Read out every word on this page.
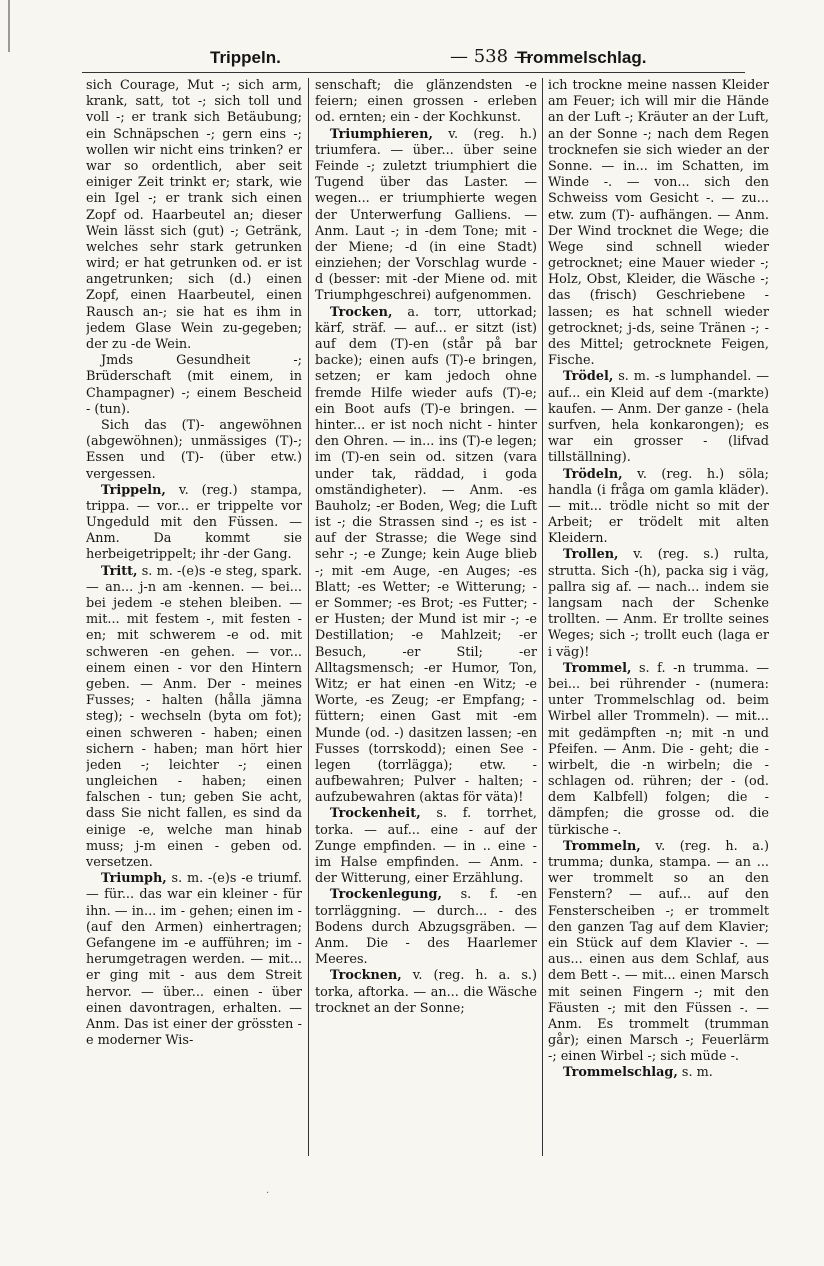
Trippeln.	— 538 —
Trommelschlag.

sich Courage, Mut -; sich arm, krank, satt, tot -; sich toll und voll -; er trank sich Betäubung; ein Schnäpschen -; gern eins -; wollen wir nicht eins trinken? er war so ordentlich, aber seit einiger Zeit trinkt er; stark, wie ein Igel -; er trank sich einen Zopf od. Haarbeutel an; dieser Wein lässt sich (gut) -; Getränk, welches sehr stark getrunken wird; er hat getrunken od. er ist angetrunken; sich (d.) einen Zopf, einen Haarbeutel, einen Rausch an-; sie hat es ihm in jedem Glase Wein zu-gegeben; der zu -de Wein.

Jmds Gesundheit -; Brüderschaft (mit einem, in Champagner) -; einem Bescheid - (tun).

Sich das (T)- angewöhnen (abgewöhnen); unmässiges (T)-; Essen und (T)- (über etw.) vergessen.

Trippeln, v. (reg.) stampa, trippa. — vor... er trippelte vor Ungeduld mit den Füssen. — Anm. Da kommt sie herbeigetrippelt; ihr -der Gang.

Tritt, s. m. -(e)s -e steg, spark. — an... j-n am -kennen. — bei... bei jedem -e stehen bleiben. — mit... mit festem -, mit festen -en; mit schwerem -e od. mit schweren -en gehen. — vor... einem einen - vor den Hintern geben. — Anm. Der - meines Fusses; - halten (hålla jämna steg); - wechseln (byta om fot); einen schweren - haben; einen sichern - haben; man hört hier jeden -; leichter -; einen ungleichen - haben; einen falschen - tun; geben Sie acht, dass Sie nicht fallen, es sind da einige -e, welche man hinab muss; j-m einen - geben od. versetzen.

Triumph, s. m. -(e)s -e triumf. — für... das war ein kleiner - für ihn. — in... im - gehen; einen im - (auf den Armen) einhertragen; Gefangene im -e aufführen; im - herumgetragen werden. — mit... er ging mit - aus dem Streit hervor. — über... einen - über einen davontragen, erhalten. — Anm. Das ist einer der grössten -e moderner Wis-

senschaft; die glänzendsten -e feiern; einen grossen - erleben od. ernten; ein - der Kochkunst.

Triumphieren, v. (reg. h.) triumfera. — über... über seine Feinde -; zuletzt triumphiert die Tugend über das Laster. — wegen... er triumphierte wegen der Unterwerfung Galliens. — Anm. Laut -; in -dem Tone; mit -der Miene; -d (in eine Stadt) einziehen; der Vorschlag wurde -d (besser: mit -der Miene od. mit Triumphgeschrei) aufgenommen.

Trocken, a. torr, uttorkad; kärf, sträf. — auf... er sitzt (ist) auf dem (T)-en (står på bar backe); einen aufs (T)-e bringen, setzen; er kam jedoch ohne fremde Hilfe wieder aufs (T)-e; ein Boot aufs (T)-e bringen. — hinter... er ist noch nicht - hinter den Ohren. — in... ins (T)-e legen; im (T)-en sein od. sitzen (vara under tak, räddad, i goda omständigheter). — Anm. -es Bauholz; -er Boden, Weg; die Luft ist -; die Strassen sind -; es ist - auf der Strasse; die Wege sind sehr -; -e Zunge; kein Auge blieb -; mit -em Auge, -en Auges; -es Blatt; -es Wetter; -e Witterung; -er Sommer; -es Brot; -es Futter; -er Husten; der Mund ist mir -; -e Destillation; -e Mahlzeit; -er Besuch, -er Stil; -er Alltagsmensch; -er Humor, Ton, Witz; er hat einen -en Witz; -e Worte, -es Zeug; -er Empfang; - füttern; einen Gast mit -em Munde (od. -) dasitzen lassen; -en Fusses (torrskodd); einen See -legen (torrlägga); etw. - aufbewahren; Pulver - halten; - aufzubewahren (aktas för väta)!

Trockenheit, s. f. torrhet, torka. — auf... eine - auf der Zunge empfinden. — in .. eine - im Halse empfinden. — Anm. - der Witterung, einer Erzählung.

Trockenlegung, s. f. -en torrläggning. — durch... - des Bodens durch Abzugsgräben. — Anm. Die - des Haarlemer Meeres.

Trocknen, v. (reg. h. a. s.) torka, aftorka. — an... die Wäsche trocknet an der Sonne;

ich trockne meine nassen Kleider am Feuer; ich will mir die Hände an der Luft -; Kräuter an der Luft, an der Sonne -; nach dem Regen trocknefen sie sich wieder an der Sonne. — in... im Schatten, im Winde -. — von... sich den Schweiss vom Gesicht -. — zu... etw. zum (T)- aufhängen. — Anm. Der Wind trocknet die Wege; die Wege sind schnell wieder getrocknet; eine Mauer wieder -; Holz, Obst, Kleider, die Wäsche -; das (frisch) Geschriebene - lassen; es hat schnell wieder getrocknet; j-ds, seine Tränen -; -des Mittel; getrocknete Feigen, Fische.

Trödel, s. m. -s lumphandel. — auf... ein Kleid auf dem -(markte) kaufen. — Anm. Der ganze - (hela surfven, hela konkarongen); es war ein grosser - (lifvad tillställning).

Trödeln, v. (reg. h.) söla; handla (i fråga om gamla kläder). — mit... trödle nicht so mit der Arbeit; er trödelt mit alten Kleidern.

Trollen, v. (reg. s.) rulta, strutta. Sich -(h), packa sig i väg, pallra sig af. — nach... indem sie langsam nach der Schenke trollten. — Anm. Er trollte seines Weges; sich -; trollt euch (laga er i väg)!

Trommel, s. f. -n trumma. — bei... bei rührender - (numera: unter Trommelschlag od. beim Wirbel aller Trommeln). — mit... mit gedämpften -n; mit -n und Pfeifen. — Anm. Die - geht; die - wirbelt, die -n wirbeln; die - schlagen od. rühren; der - (od. dem Kalbfell) folgen; die - dämpfen; die grosse od. die türkische -.

Trommeln, v. (reg. h. a.) trumma; dunka, stampa. — an ... wer trommelt so an den Fenstern? — auf... auf den Fensterscheiben -; er trommelt den ganzen Tag auf dem Klavier; ein Stück auf dem Klavier -. — aus... einen aus dem Schlaf, aus dem Bett -. — mit... einen Marsch mit seinen Fingern -; mit den Fäusten -; mit den Füssen -. — Anm. Es trommelt (trumman går); einen Marsch -; Feuerlärm -; einen Wirbel -; sich müde -.

Trommelschlag, s. m.

·
